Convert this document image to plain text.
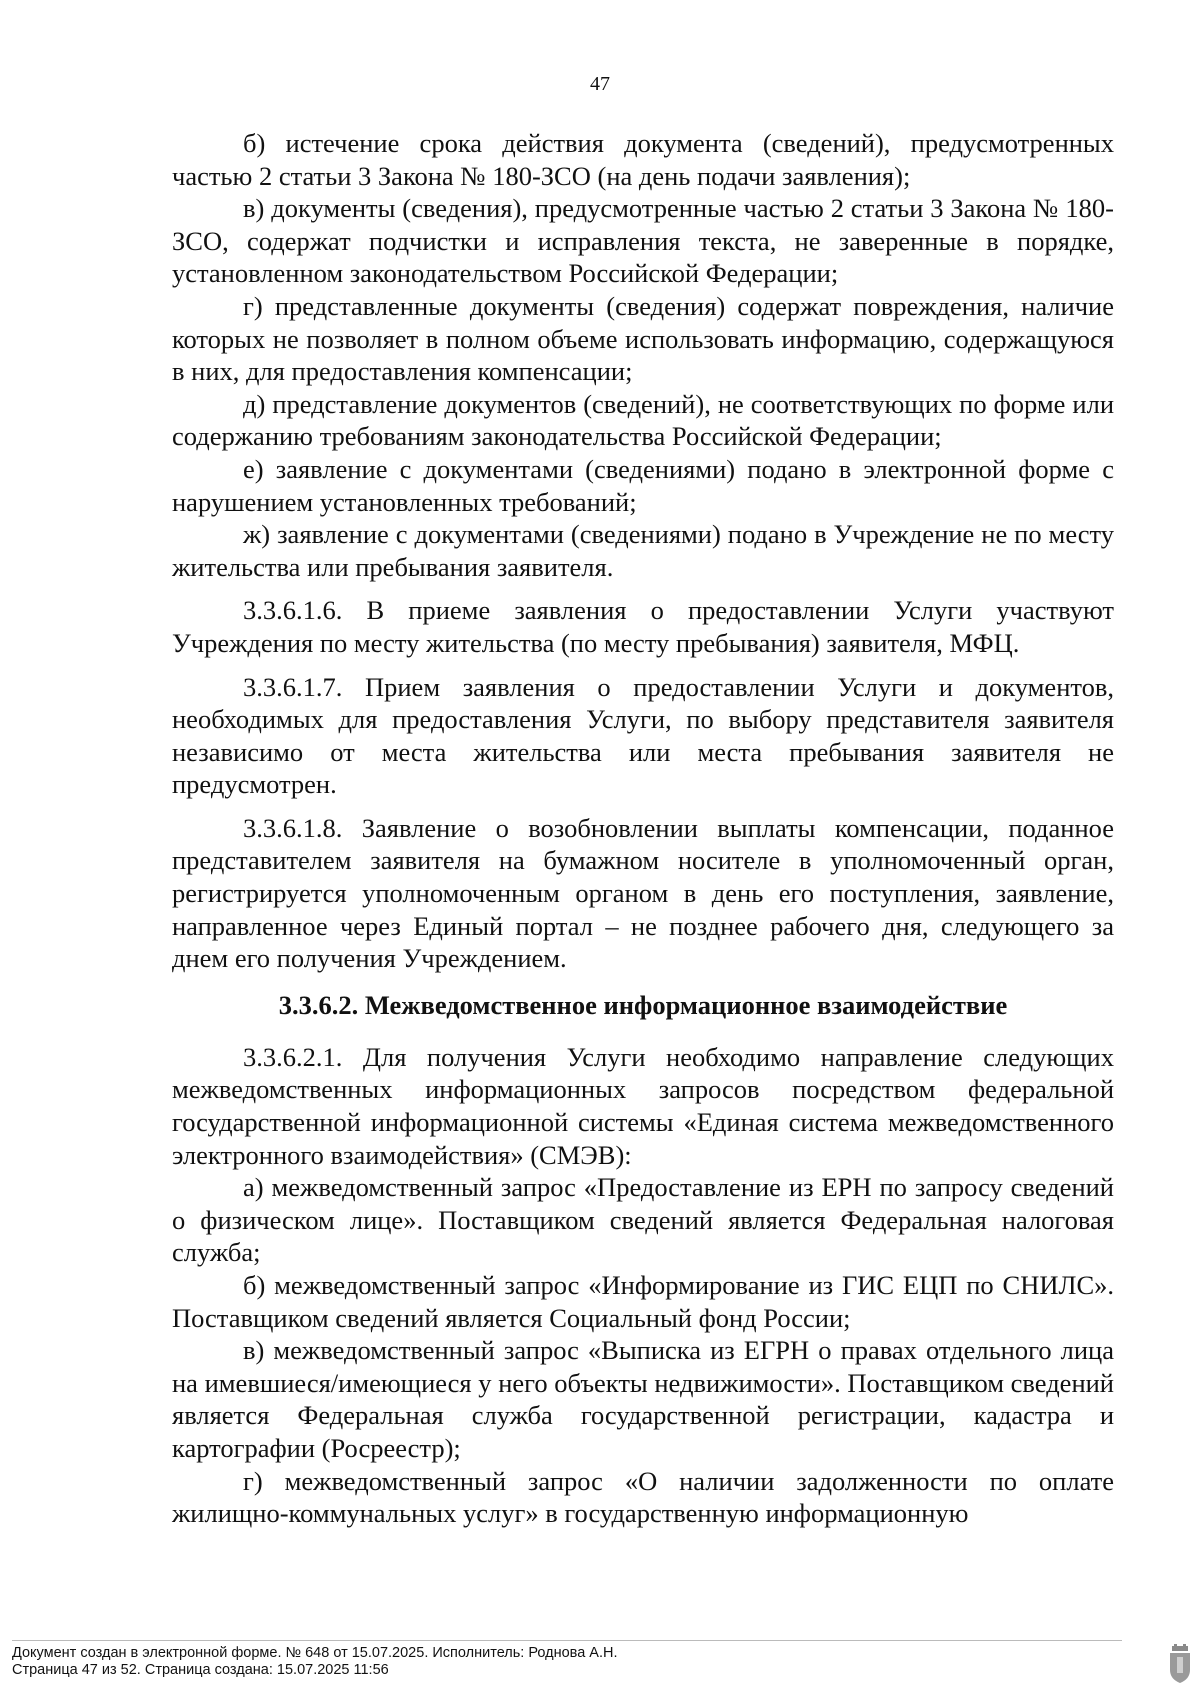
47

б) истечение срока действия документа (сведений), предусмотренных частью 2 статьи 3 Закона № 180-ЗСО (на день подачи заявления);

в) документы (сведения), предусмотренные частью 2 статьи 3 Закона № 180-ЗСО, содержат подчистки и исправления текста, не заверенные в порядке, установленном законодательством Российской Федерации;

г) представленные документы (сведения) содержат повреждения, наличие которых не позволяет в полном объеме использовать информацию, содержащуюся в них, для предоставления компенсации;

д) представление документов (сведений), не соответствующих по форме или содержанию требованиям законодательства Российской Федерации;

е) заявление с документами (сведениями) подано в электронной форме с нарушением установленных требований;

ж) заявление с документами (сведениями) подано в Учреждение не по месту жительства или пребывания заявителя.

3.3.6.1.6. В приеме заявления о предоставлении Услуги участвуют Учреждения по месту жительства (по месту пребывания) заявителя, МФЦ.

3.3.6.1.7. Прием заявления о предоставлении Услуги и документов, необходимых для предоставления Услуги, по выбору представителя заявителя независимо от места жительства или места пребывания заявителя не предусмотрен.

3.3.6.1.8. Заявление о возобновлении выплаты компенсации, поданное представителем заявителя на бумажном носителе в уполномоченный орган, регистрируется уполномоченным органом в день его поступления, заявление, направленное через Единый портал – не позднее рабочего дня, следующего за днем его получения Учреждением.

3.3.6.2. Межведомственное информационное взаимодействие

3.3.6.2.1. Для получения Услуги необходимо направление следующих межведомственных информационных запросов посредством федеральной государственной информационной системы «Единая система межведомственного электронного взаимодействия» (СМЭВ):

а) межведомственный запрос «Предоставление из ЕРН по запросу сведений о физическом лице». Поставщиком сведений является Федеральная налоговая служба;

б) межведомственный запрос «Информирование из ГИС ЕЦП по СНИЛС». Поставщиком сведений является Социальный фонд России;

в) межведомственный запрос «Выписка из ЕГРН о правах отдельного лица на имевшиеся/имеющиеся у него объекты недвижимости». Поставщиком сведений является Федеральная служба государственной регистрации, кадастра и картографии (Росреестр);

г) межведомственный запрос «О наличии задолженности по оплате жилищно-коммунальных услуг» в государственную информационную

Документ создан в электронной форме. № 648 от 15.07.2025. Исполнитель: Роднова А.Н.
Страница 47 из 52. Страница создана: 15.07.2025 11:56
